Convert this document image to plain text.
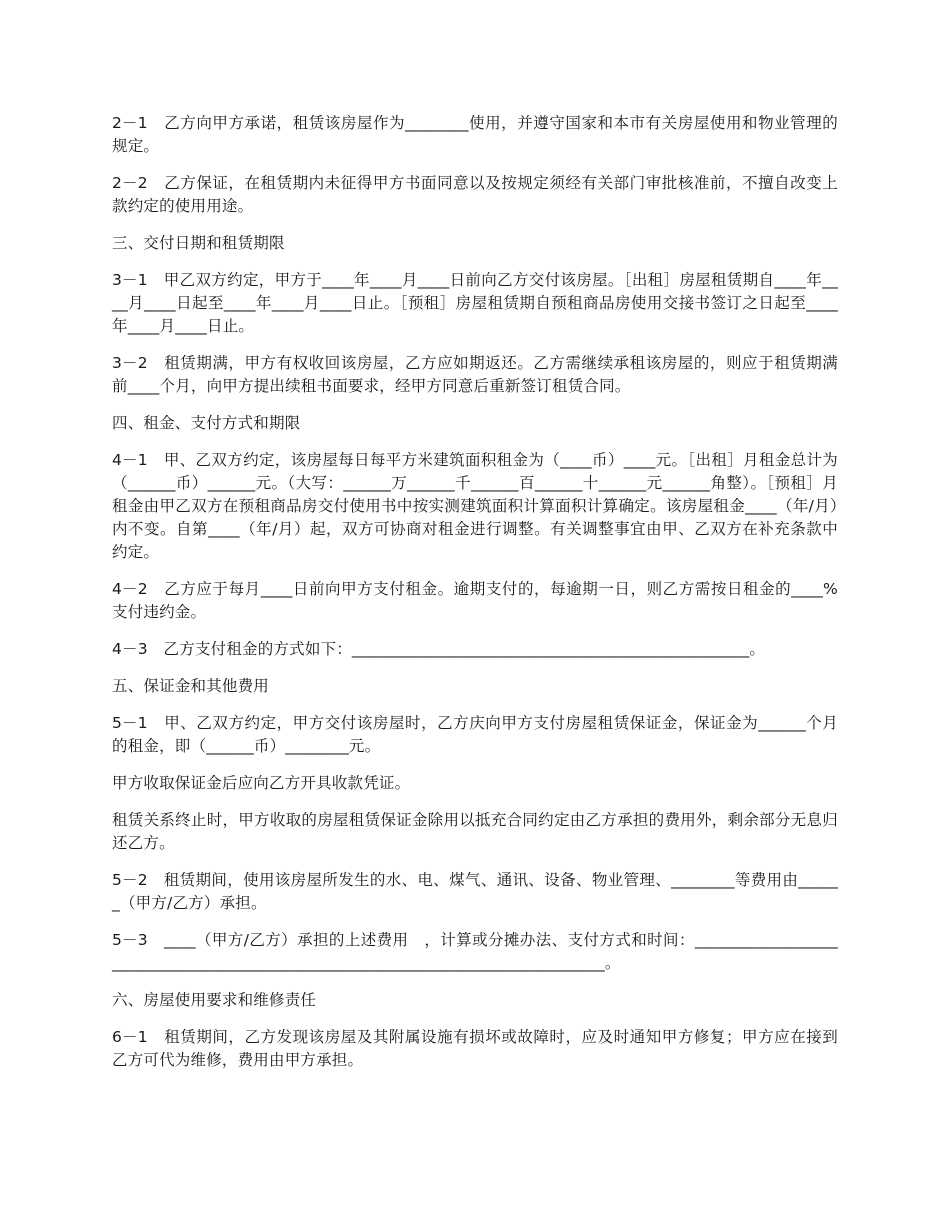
2－1　乙方向甲方承诺，租赁该房屋作为________使用，并遵守国家和本市有关房屋使用和物业管理的规定。

2－2　乙方保证，在租赁期内未征得甲方书面同意以及按规定须经有关部门审批核准前，不擅自改变上款约定的使用用途。

三、交付日期和租赁期限

3－1　甲乙双方约定，甲方于____年____月____日前向乙方交付该房屋。［出租］房屋租赁期自____年____月____日起至____年____月____日止。［预租］房屋租赁期自预租商品房使用交接书签订之日起至____年____月____日止。

3－2　租赁期满，甲方有权收回该房屋，乙方应如期返还。乙方需继续承租该房屋的，则应于租赁期满前____个月，向甲方提出续租书面要求，经甲方同意后重新签订租赁合同。

四、租金、支付方式和期限

4－1　甲、乙双方约定，该房屋每日每平方米建筑面积租金为（____币）____元。［出租］月租金总计为（______币）______元。（大写：______万______千______百______十______元______角整）。［预租］月租金由甲乙双方在预租商品房交付使用书中按实测建筑面积计算面积计算确定。该房屋租金____（年/月）内不变。自第____（年/月）起，双方可协商对租金进行调整。有关调整事宜由甲、乙双方在补充条款中约定。

4－2　乙方应于每月____日前向甲方支付租金。逾期支付的，每逾期一日，则乙方需按日租金的____%支付违约金。

4－3　乙方支付租金的方式如下：__________________________________________________。

五、保证金和其他费用

5－1　甲、乙双方约定，甲方交付该房屋时，乙方庆向甲方支付房屋租赁保证金，保证金为______个月的租金，即（______币）________元。

甲方收取保证金后应向乙方开具收款凭证。

租赁关系终止时，甲方收取的房屋租赁保证金除用以抵充合同约定由乙方承担的费用外，剩余部分无息归还乙方。

5－2　租赁期间，使用该房屋所发生的水、电、煤气、通讯、设备、物业管理、________等费用由______（甲方/乙方）承担。

5－3　____（甲方/乙方）承担的上述费用　，计算或分摊办法、支付方式和时间：________________________________________________________________________________。

六、房屋使用要求和维修责任

6－1　租赁期间，乙方发现该房屋及其附属设施有损坏或故障时，应及时通知甲方修复；甲方应在接到乙方可代为维修，费用由甲方承担。
